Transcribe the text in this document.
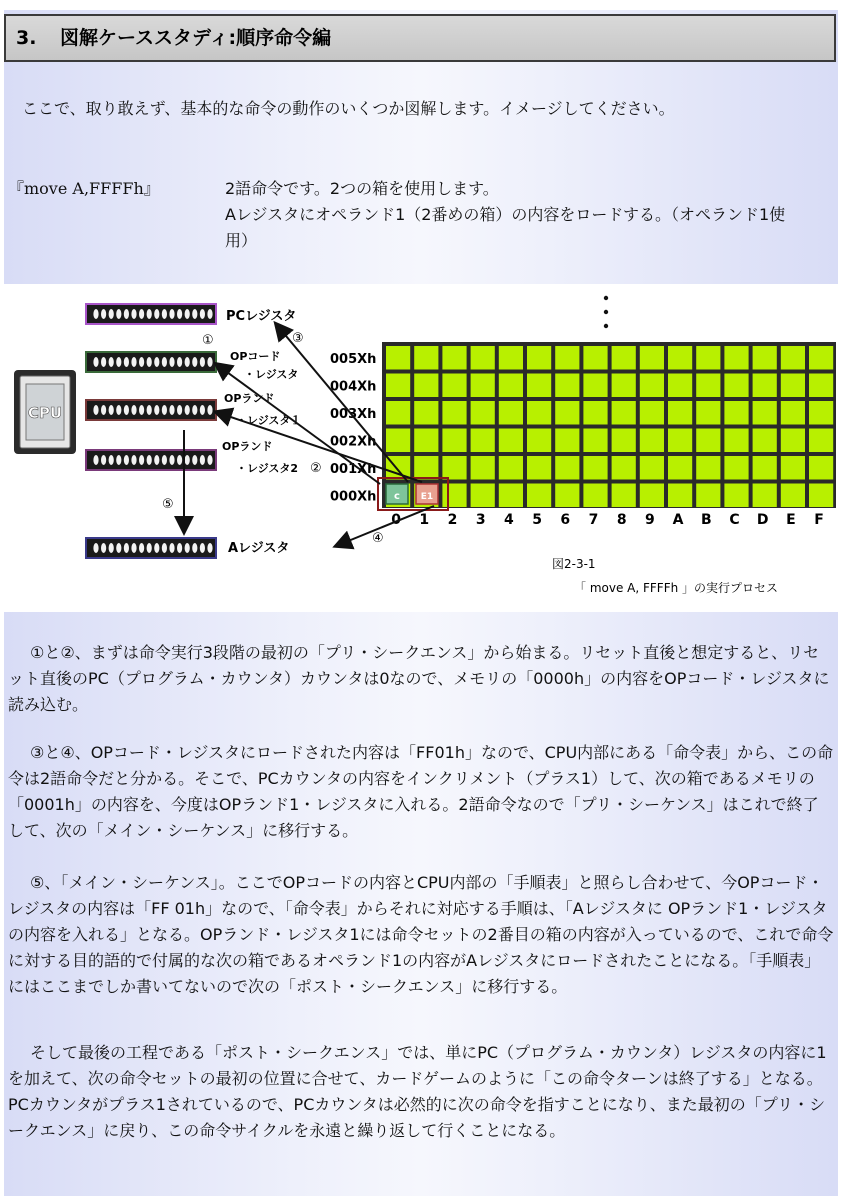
3. 図解ケーススタディ:順序命令編
ここで、取り敢えず、基本的な命令の動作のいくつか図解します。イメージしてください。
『move A,FFFFh』	2語命令です。2つの箱を使用します。
Aレジスタにオペランド1（2番めの箱）の内容をロードする。（オペランド1使
用）
CPU
PCレジスタ
OPコード
・レジスタ
OPランド
・レジスタ１
OPランド
・レジスタ2
Aレジスタ
005Xh
004Xh
003Xh
002Xh
001Xh
000Xh
0 1 2 3 4 5 6 7 8 9 A B C D E F
c E1
①
②
③
④
⑤
図2-3-1
「 move A, FFFFh 」の実行プロセス
①と②、まずは命令実行3段階の最初の「プリ・シークエンス」から始まる。リセット直後と想定すると、リセット直後のPC（プログラム・カウンタ）カウンタは0なので、メモリの「0000h」の内容をOPコード・レジスタに読み込む。
③と④、OPコード・レジスタにロードされた内容は「FF01h」なので、CPU内部にある「命令表」から、この命令は2語命令だと分かる。そこで、PCカウンタの内容をインクリメント（プラス1）して、次の箱であるメモリの「0001h」の内容を、今度はOPランド1・レジスタに入れる。2語命令なので「プリ・シーケンス」はこれで終了して、次の「メイン・シーケンス」に移行する。
⑤、「メイン・シーケンス」。ここでOPコードの内容とCPU内部の「手順表」と照らし合わせて、今OPコード・レジスタの内容は「FF 01h」なので、「命令表」からそれに対応する手順は、「Aレジスタに OPランド1・レジスタの内容を入れる」となる。OPランド・レジスタ1には命令セットの2番目の箱の内容が入っているので、これで命令に対する目的語的で付属的な次の箱であるオペランド1の内容がAレジスタにロードされたことになる。「手順表」にはここまでしか書いてないので次の「ポスト・シークエンス」に移行する。
そして最後の工程である「ポスト・シークエンス」では、単にPC（プログラム・カウンタ）レジスタの内容に1を加えて、次の命令セットの最初の位置に合せて、カードゲームのように「この命令ターンは終了する」となる。PCカウンタがプラス1されているので、PCカウンタは必然的に次の命令を指すことになり、また最初の「プリ・シークエンス」に戻り、この命令サイクルを永遠と繰り返して行くことになる。
